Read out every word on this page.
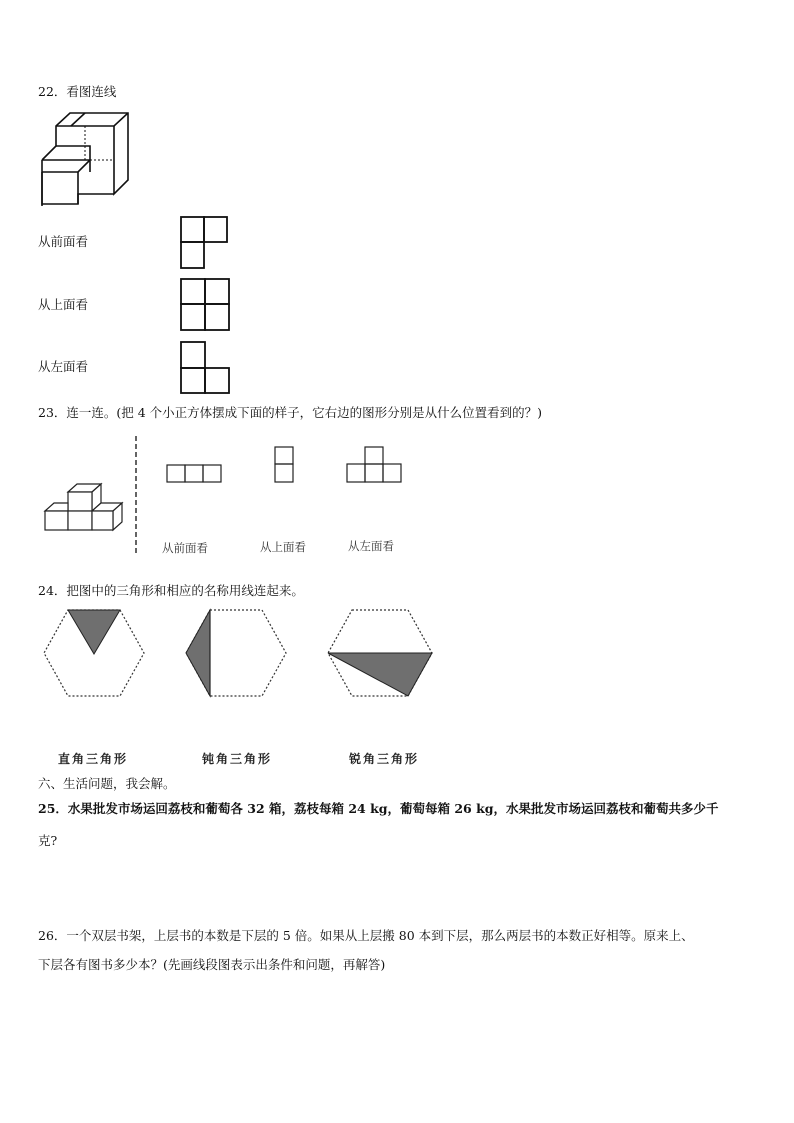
22．看图连线
从前面看
从上面看
从左面看
23．连一连。(把 4 个小正方体摆成下面的样子，它右边的图形分别是从什么位置看到的？)
从前面看	从上面看	从左面看
24．把图中的三角形和相应的名称用线连起来。
直角三角形	钝角三角形	锐角三角形
六、生活问题，我会解。
25．水果批发市场运回荔枝和葡萄各 32 箱，荔枝每箱 24 kg，葡萄每箱 26 kg，水果批发市场运回荔枝和葡萄共多少千
克?
26．一个双层书架，上层书的本数是下层的 5 倍。如果从上层搬 80 本到下层，那么两层书的本数正好相等。原来上、
下层各有图书多少本？(先画线段图表示出条件和问题，再解答)
